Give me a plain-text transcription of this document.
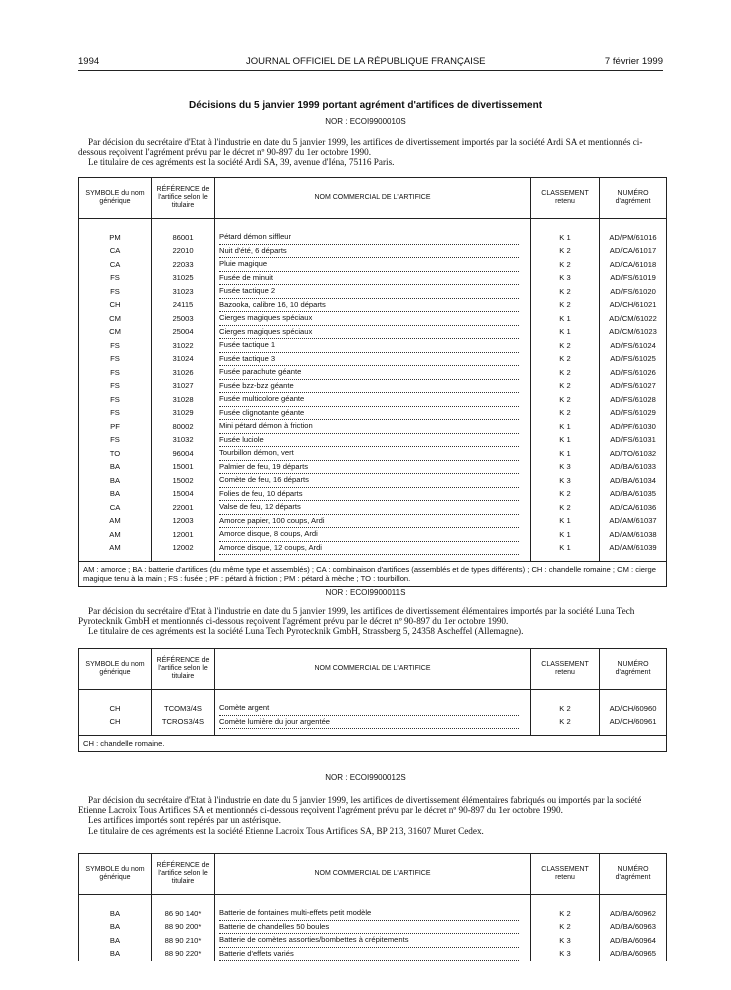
1994	JOURNAL OFFICIEL DE LA RÉPUBLIQUE FRANÇAISE	7 février 1999
Décisions du 5 janvier 1999 portant agrément d'artifices de divertissement
NOR : ECOI9900010S

Par décision du secrétaire d'Etat à l'industrie en date du 5 janvier 1999, les artifices de divertissement importés par la société Ardi SA et mentionnés ci-dessous reçoivent l'agrément prévu par le décret nº 90-897 du 1er octobre 1990.

Le titulaire de ces agréments est la société Ardi SA, 39, avenue d'Iéna, 75116 Paris.

SYMBOLE du nom générique	RÉFÉRENCE de l'artifice selon le titulaire	NOM COMMERCIAL DE L'ARTIFICE	CLASSEMENT retenu	NUMÉRO d'agrément

PM	86001	Pétard démon siffleur	K 1	AD/PM/61016
CA	22010	Nuit d'été, 6 départs	K 2	AD/CA/61017
CA	22033	Pluie magique	K 2	AD/CA/61018
FS	31025	Fusée de minuit	K 3	AD/FS/61019
FS	31023	Fusée tactique 2	K 2	AD/FS/61020
CH	24115	Bazooka, calibre 16, 10 départs	K 2	AD/CH/61021
CM	25003	Cierges magiques spéciaux	K 1	AD/CM/61022
CM	25004	Cierges magiques spéciaux	K 1	AD/CM/61023
FS	31022	Fusée tactique 1	K 2	AD/FS/61024
FS	31024	Fusée tactique 3	K 2	AD/FS/61025
FS	31026	Fusée parachute géante	K 2	AD/FS/61026
FS	31027	Fusée bzz-bzz géante	K 2	AD/FS/61027
FS	31028	Fusée multicolore géante	K 2	AD/FS/61028
FS	31029	Fusée clignotante géante	K 2	AD/FS/61029
PF	80002	Mini pétard démon à friction	K 1	AD/PF/61030
FS	31032	Fusée luciole	K 1	AD/FS/61031
TO	96004	Tourbillon démon, vert	K 1	AD/TO/61032
BA	15001	Palmier de feu, 19 départs	K 3	AD/BA/61033
BA	15002	Comète de feu, 16 départs	K 3	AD/BA/61034
BA	15004	Folies de feu, 10 départs	K 2	AD/BA/61035
CA	22001	Valse de feu, 12 départs	K 2	AD/CA/61036
AM	12003	Amorce papier, 100 coups, Ardi	K 1	AD/AM/61037
AM	12001	Amorce disque, 8 coups, Ardi	K 1	AD/AM/61038
AM	12002	Amorce disque, 12 coups, Ardi	K 1	AD/AM/61039

AM : amorce ; BA : batterie d'artifices (du même type et assemblés) ; CA : combinaison d'artifices (assemblés et de types différents) ; CH : chandelle romaine ; CM : cierge magique tenu à la main ; FS : fusée ; PF : pétard à friction ; PM : pétard à mèche ; TO : tourbillon.				
NOR : ECOI9900011S

Par décision du secrétaire d'Etat à l'industrie en date du 5 janvier 1999, les artifices de divertissement élémentaires importés par la société Luna Tech Pyrotecknik GmbH et mentionnés ci-dessous reçoivent l'agrément prévu par le décret nº 90-897 du 1er octobre 1990.

Le titulaire de ces agréments est la société Luna Tech Pyrotecknik GmbH, Strassberg 5, 24358 Ascheffel (Allemagne).

SYMBOLE du nom générique	RÉFÉRENCE de l'artifice selon le titulaire	NOM COMMERCIAL DE L'ARTIFICE	CLASSEMENT retenu	NUMÉRO d'agrément

CH	TCOM3/4S	Comète argent	K 2	AD/CH/60960
CH	TCROS3/4S	Comète lumière du jour argentée	K 2	AD/CH/60961

CH : chandelle romaine.				
NOR : ECOI9900012S

Par décision du secrétaire d'Etat à l'industrie en date du 5 janvier 1999, les artifices de divertissement élémentaires fabriqués ou importés par la société Etienne Lacroix Tous Artifices SA et mentionnés ci-dessous reçoivent l'agrément prévu par le décret nº 90-897 du 1er octobre 1990.

Les artifices importés sont repérés par un astérisque.

Le titulaire de ces agréments est la société Etienne Lacroix Tous Artifices SA, BP 213, 31607 Muret Cedex.

SYMBOLE du nom générique	RÉFÉRENCE de l'artifice selon le titulaire	NOM COMMERCIAL DE L'ARTIFICE	CLASSEMENT retenu	NUMÉRO d'agrément

BA	86 90 140*	Batterie de fontaines multi-effets petit modèle	K 2	AD/BA/60962
BA	88 90 200*	Batterie de chandelles 50 boules	K 2	AD/BA/60963
BA	88 90 210*	Batterie de comètes assorties/bombettes à crépitements	K 3	AD/BA/60964
BA	88 90 220*	Batterie d'effets variés	K 3	AD/BA/60965
